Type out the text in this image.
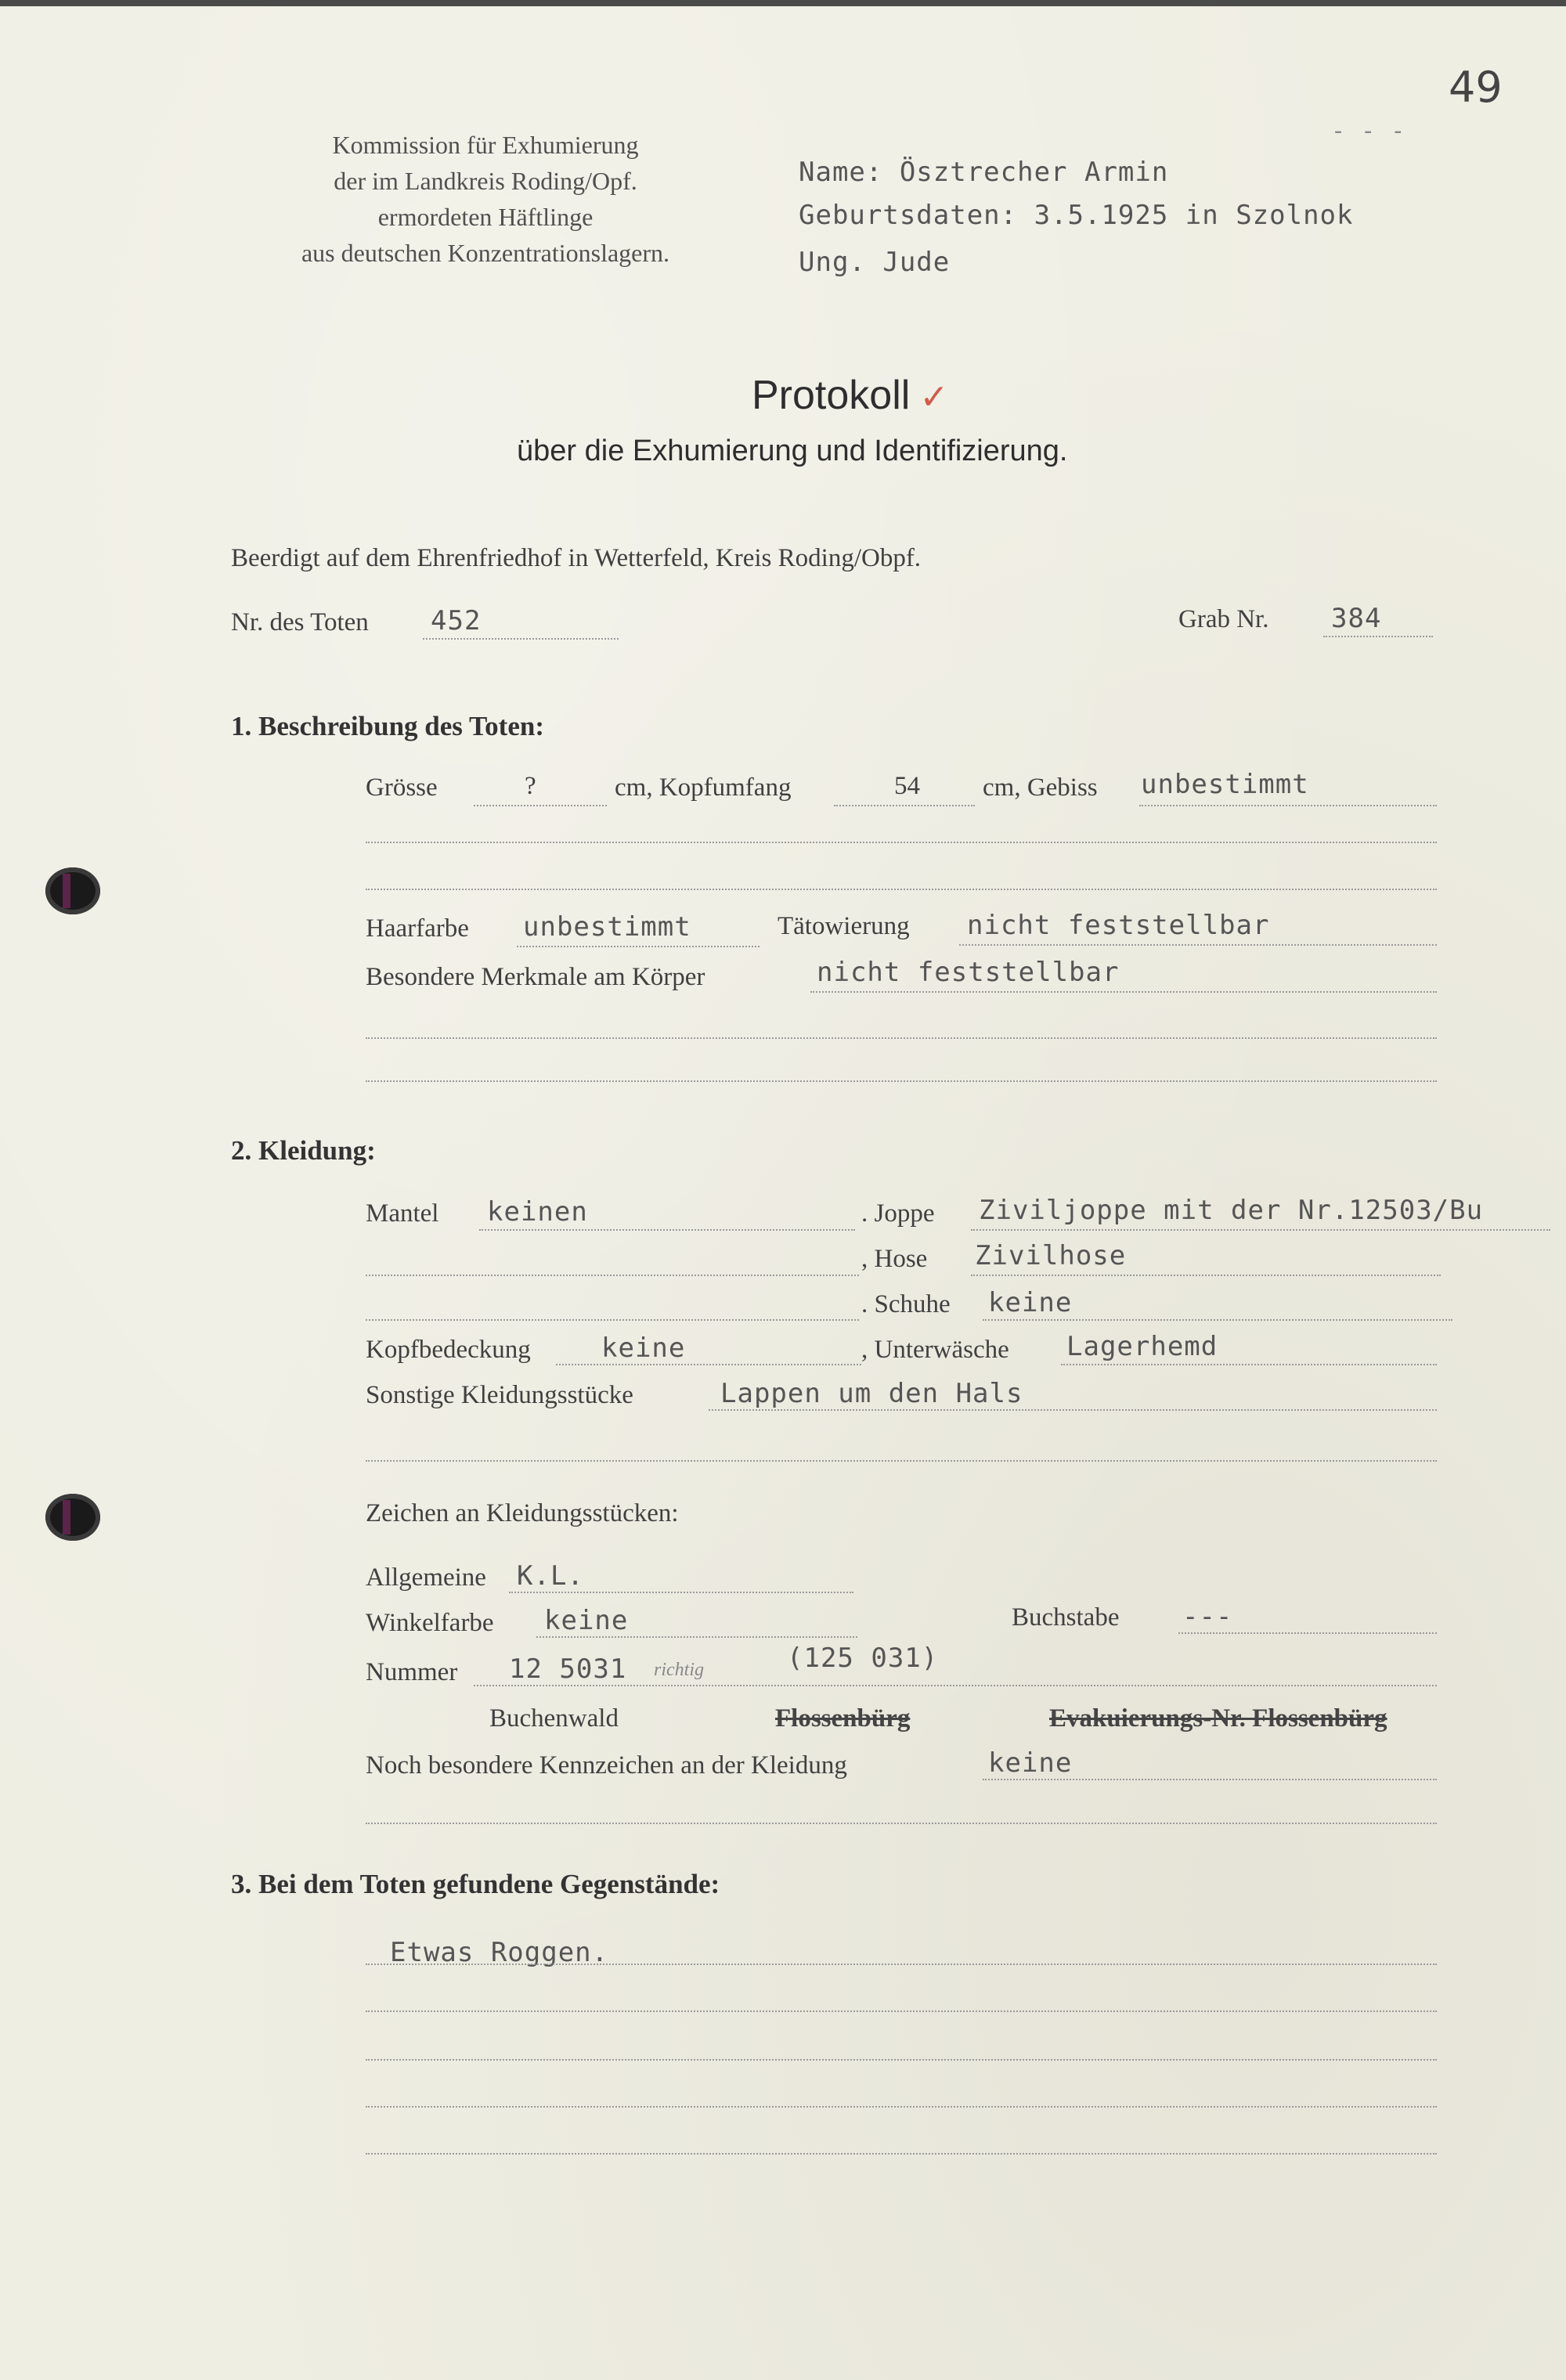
49
- - -
Kommission für Exhumierung
der im Landkreis Roding/Opf.
ermordeten Häftlinge
aus deutschen Konzentrationslagern.
Name: Ösztrecher Armin
Geburtsdaten: 3.5.1925 in Szolnok
Ung. Jude
Protokoll ✓
über die Exhumierung und Identifizierung.
Beerdigt auf dem Ehrenfriedhof in Wetterfeld, Kreis Roding/Obpf.
Nr. des Toten 452	Grab Nr. 384
1. Beschreibung des Toten:
Grösse	?	cm, Kopfumfang	54 cm, Gebiss unbestimmt
Haarfarbe unbestimmt	Tätowierung nicht feststellbar
Besondere Merkmale am Körper	nicht feststellbar
2. Kleidung:
Mantel keinen	. Joppe Ziviljoppe mit der Nr.12503/Bu
, Hose Zivilhose
. Schuhe keine
Kopfbedeckung	keine	, Unterwäsche Lagerhemd
Sonstige Kleidungsstücke	Lappen um den Hals
Zeichen an Kleidungsstücken:
Allgemeine K.L.
Winkelfarbe keine	Buchstabe ---
Nummer 12 5031 richtig	(125 031)
Buchenwald	Flossenbürg	Evakuierungs-Nr. Flossenbürg
Noch besondere Kennzeichen an der Kleidung	keine
3. Bei dem Toten gefundene Gegenstände:
Etwas Roggen.
